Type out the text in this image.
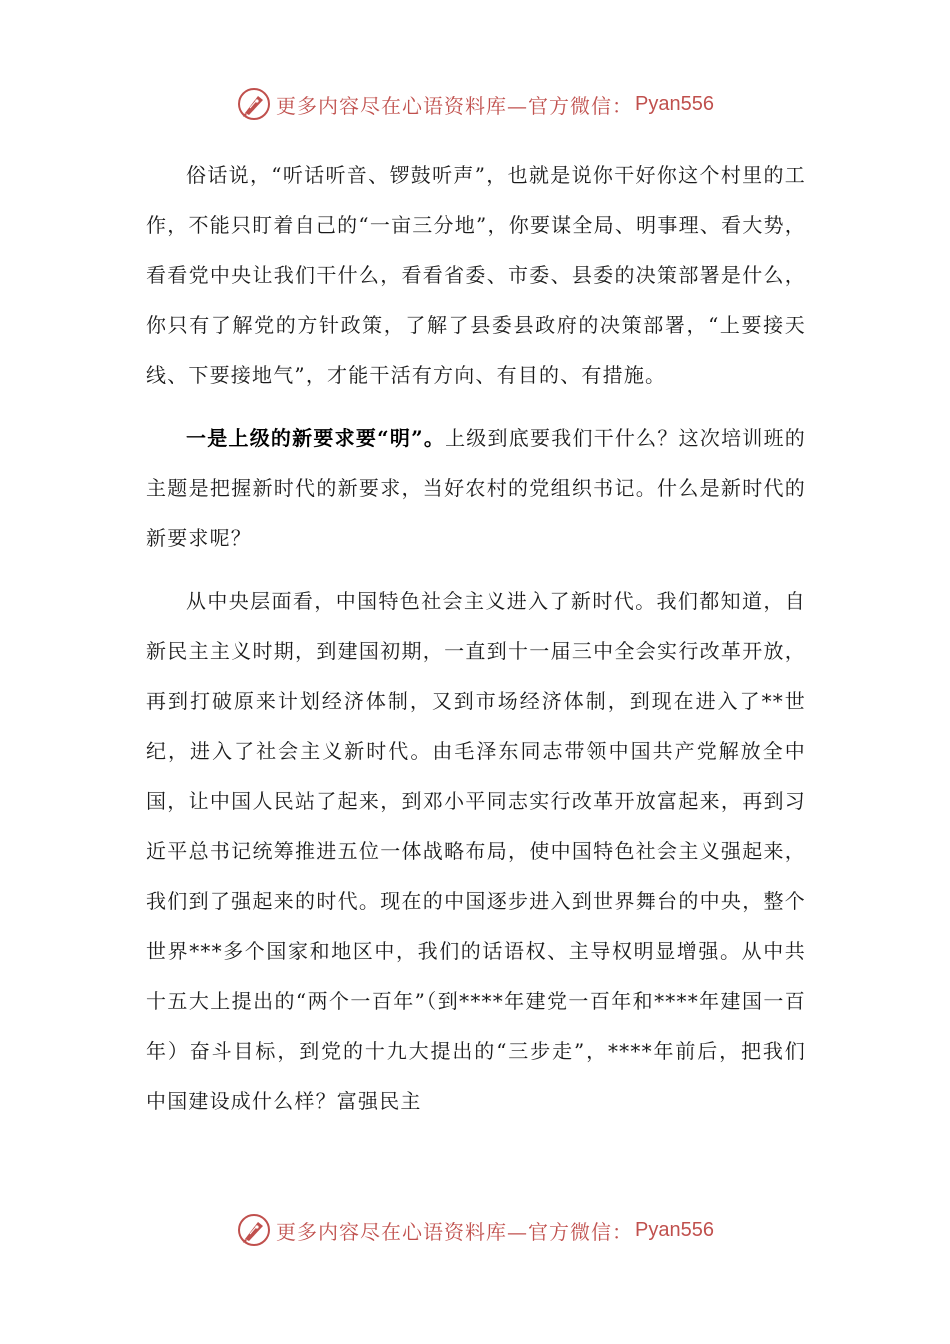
更多内容尽在心语资料库—官方微信： Pyan556

俗话说，“听话听音、锣鼓听声”，也就是说你干好你这个村里的工作，不能只盯着自己的“一亩三分地”，你要谋全局、明事理、看大势，看看党中央让我们干什么，看看省委、市委、县委的决策部署是什么，你只有了解党的方针政策，了解了县委县政府的决策部署，“上要接天线、下要接地气”，才能干活有方向、有目的、有措施。

一是上级的新要求要“明”。上级到底要我们干什么？这次培训班的主题是把握新时代的新要求，当好农村的党组织书记。什么是新时代的新要求呢？

从中央层面看，中国特色社会主义进入了新时代。我们都知道，自新民主主义时期，到建国初期，一直到十一届三中全会实行改革开放，再到打破原来计划经济体制，又到市场经济体制，到现在进入了**世纪，进入了社会主义新时代。由毛泽东同志带领中国共产党解放全中国，让中国人民站了起来，到邓小平同志实行改革开放富起来，再到习近平总书记统筹推进五位一体战略布局，使中国特色社会主义强起来，我们到了强起来的时代。现在的中国逐步进入到世界舞台的中央，整个世界***多个国家和地区中，我们的话语权、主导权明显增强。从中共十五大上提出的“两个一百年”（到****年建党一百年和****年建国一百年）奋斗目标，到党的十九大提出的“三步走”，****年前后，把我们中国建设成什么样？富强民主

更多内容尽在心语资料库—官方微信： Pyan556
